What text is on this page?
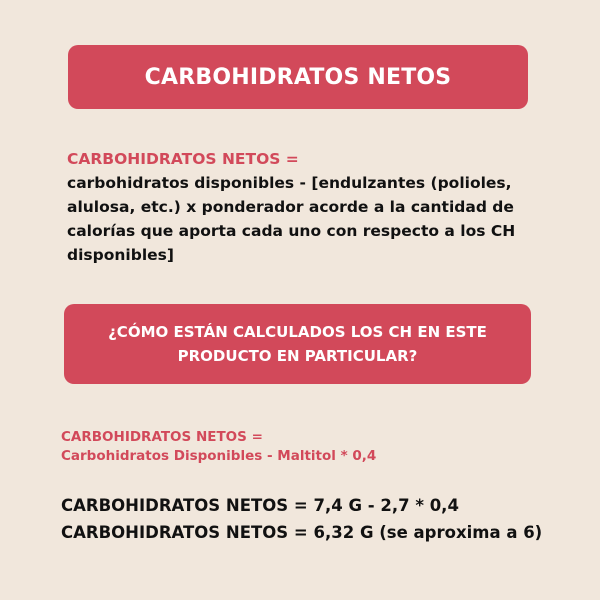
CARBOHIDRATOS NETOS
CARBOHIDRATOS NETOS =
carbohidratos disponibles - [endulzantes (polioles, alulosa, etc.) x ponderador acorde a la cantidad de calorías que aporta cada uno con respecto a los CH disponibles]
¿CÓMO ESTÁN CALCULADOS LOS CH EN ESTE
PRODUCTO EN PARTICULAR?
CARBOHIDRATOS NETOS =
Carbohidratos Disponibles - Maltitol * 0,4
CARBOHIDRATOS NETOS = 7,4 G - 2,7 * 0,4
CARBOHIDRATOS NETOS = 6,32 G (se aproxima a 6)
